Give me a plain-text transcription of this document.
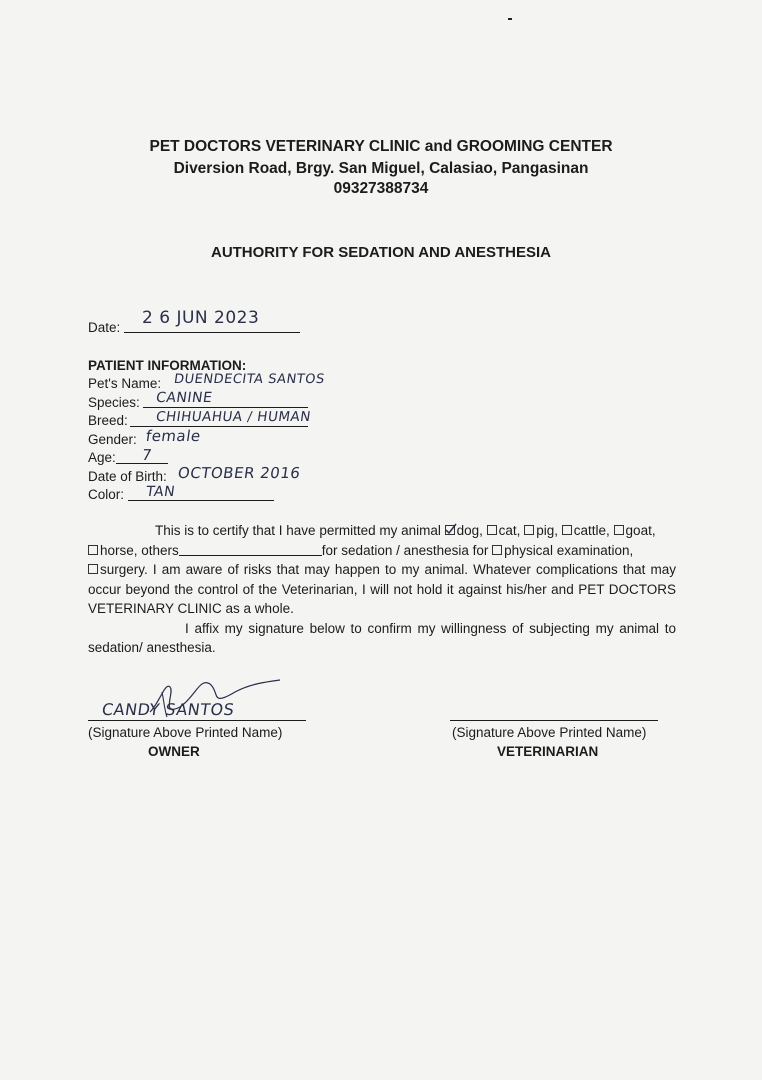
PET DOCTORS VETERINARY CLINIC and GROOMING CENTER
Diversion Road, Brgy. San Miguel, Calasiao, Pangasinan
09327388734
AUTHORITY FOR SEDATION AND ANESTHESIA
Date: 2 6 JUN 2023
PATIENT INFORMATION:
Pet's Name: DUENDECITA SANTOS
Species: CANINE
Breed: CHIHUAHUA / HUMAN
Gender: female
Age: 7
Date of Birth: OCTOBER 2016
Color: TAN
This is to certify that I have permitted my animal dog, cat, pig, cattle, goat,
horse, others	for sedation / anesthesia for physical examination,
surgery. I am aware of risks that may happen to my animal. Whatever complications that may occur beyond the control of the Veterinarian, I will not hold it against his/her and PET DOCTORS VETERINARY CLINIC as a whole.
I affix my signature below to confirm my willingness of subjecting my animal to sedation/ anesthesia.
CANDY SANTOS
(Signature Above Printed Name)
OWNER
(Signature Above Printed Name)
VETERINARIAN
